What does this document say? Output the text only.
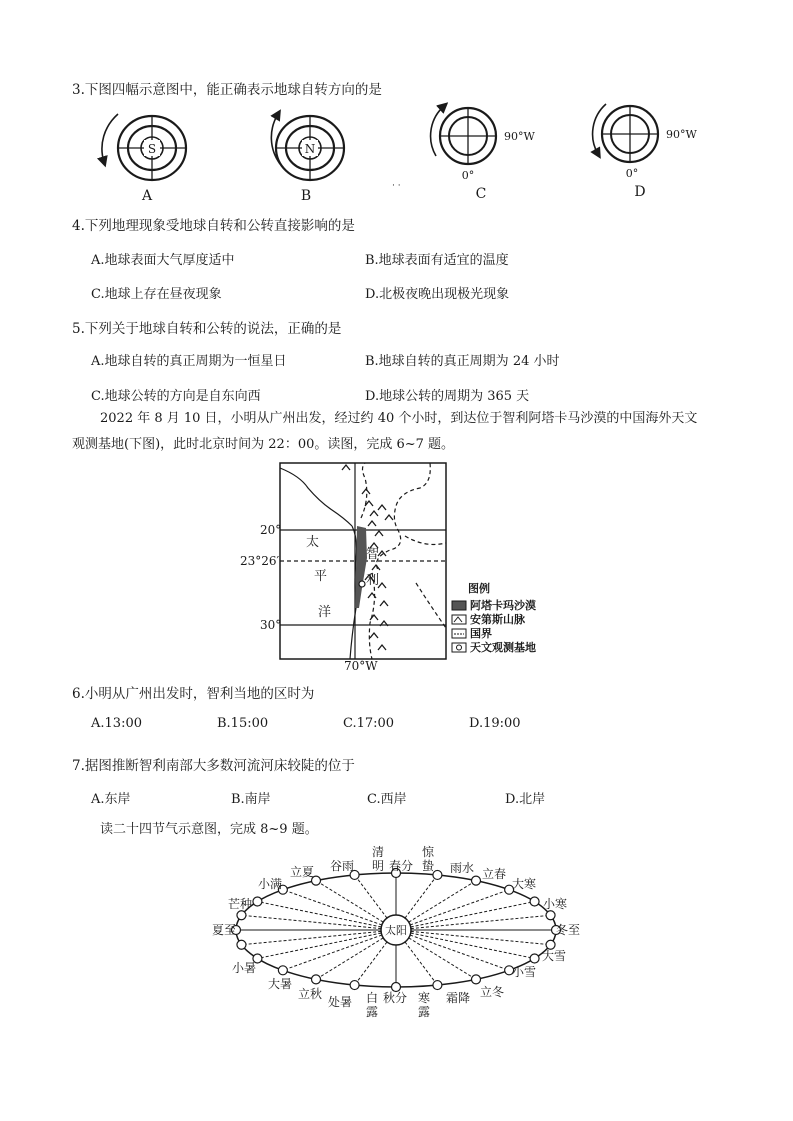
3.下图四幅示意图中，能正确表示地球自转方向的是
S
A
N
B
90°W
0°
C
· ·
90°W
0°
D
4.下列地理现象受地球自转和公转直接影响的是
A.地球表面大气厚度适中	B.地球表面有适宜的温度
C.地球上存在昼夜现象	D.北极夜晚出现极光现象
5.下列关于地球自转和公转的说法，正确的是
A.地球自转的真正周期为一恒星日	B.地球自转的真正周期为 24 小时
C.地球公转的方向是自东向西	D.地球公转的周期为 365 天
2022 年 8 月 10 日，小明从广州出发，经过约 40 个小时，到达位于智利阿塔卡马沙漠的中国海外天文
观测基地(下图)，此时北京时间为 22：00。读图，完成 6~7 题。
20°
23°26′
30°
70°W
太
平
洋
智
利
图例
阿塔卡玛沙漠
安第斯山脉
国界
天文观测基地
6.小明从广州出发时，智利当地的区时为
A.13:00	B.15:00	C.17:00	D.19:00
7.据图推断智利南部大多数河流河床较陡的位于
A.东岸	B.南岸	C.西岸	D.北岸
读二十四节气示意图，完成 8~9 题。
太阳
小满
立夏 谷雨
清
明 春分
惊
蛰 雨水 立春
大寒
小寒
芒种
夏至
小暑
冬至
大雪
小雪
大暑
立秋
处暑 白
露
秋分 寒
露
霜降 立冬
